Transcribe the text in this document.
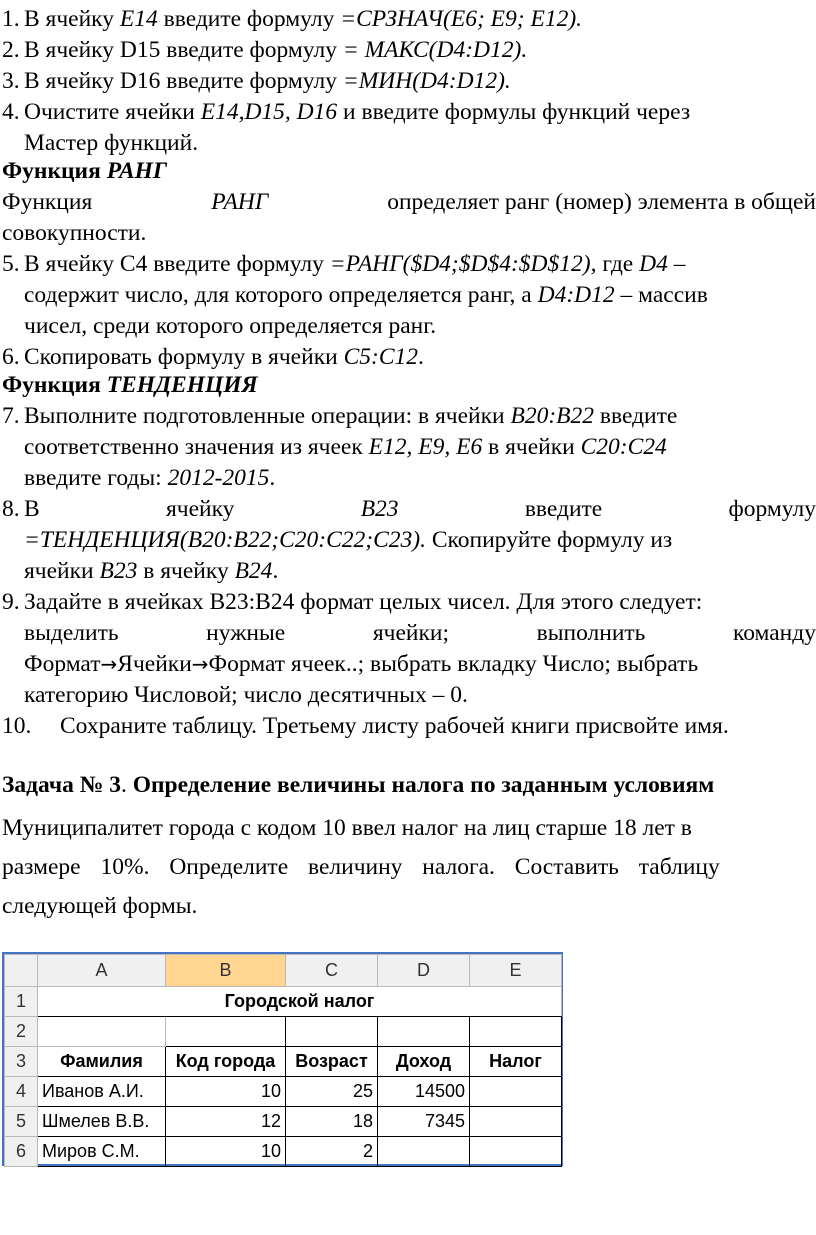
1. В ячейку E14 введите формулу =СРЗНАЧ(E6; E9; E12).
2. В ячейку D15 введите формулу = МАКС(D4:D12).
3. В ячейку D16 введите формулу =МИН(D4:D12).
4. Очистите ячейки E14,D15, D16 и введите формулы функций через
Мастер функций.
Функция РАНГ
Функция	РАНГ	определяет ранг (номер) элемента в общей
совокупности.
5. В ячейку C4 введите формулу =РАНГ($D4;$D$4:$D$12), где D4 –
содержит число, для которого определяется ранг, а D4:D12 – массив
чисел, среди которого определяется ранг.
6. Скопировать формулу в ячейки C5:C12.
Функция ТЕНДЕНЦИЯ
7. Выполните подготовленные операции: в ячейки B20:B22 введите
соответственно значения из ячеек E12, E9, E6 в ячейки C20:C24
введите годы: 2012-2015.
8. В	ячейку	B23	введите	формулу
=ТЕНДЕНЦИЯ(B20:B22;C20:C22;C23). Скопируйте формулу из
ячейки B23 в ячейку B24.
9. Задайте в ячейках B23:B24 формат целых чисел. Для этого следует:
выделить	нужные	ячейки;	выполнить	команду
Формат→Ячейки→Формат ячеек..; выбрать вкладку Число; выбрать
категорию Числовой; число десятичных – 0.
10. Сохраните таблицу. Третьему листу рабочей книги присвойте имя.
Задача № 3. Определение величины налога по заданным условиям
Муниципалитет города с кодом 10 ввел налог на лиц старше 18 лет в
размере 10%. Определите величину налога. Составить таблицу
следующей формы.
	A	B	C	D	E
1	Городской налог				
2					
3	Фамилия	Код города	Возраст	Доход	Налог
4	Иванов А.И.	10	25	14500	
5	Шмелев В.В.	12	18	7345	
6	Миров С.М.	10	2		
